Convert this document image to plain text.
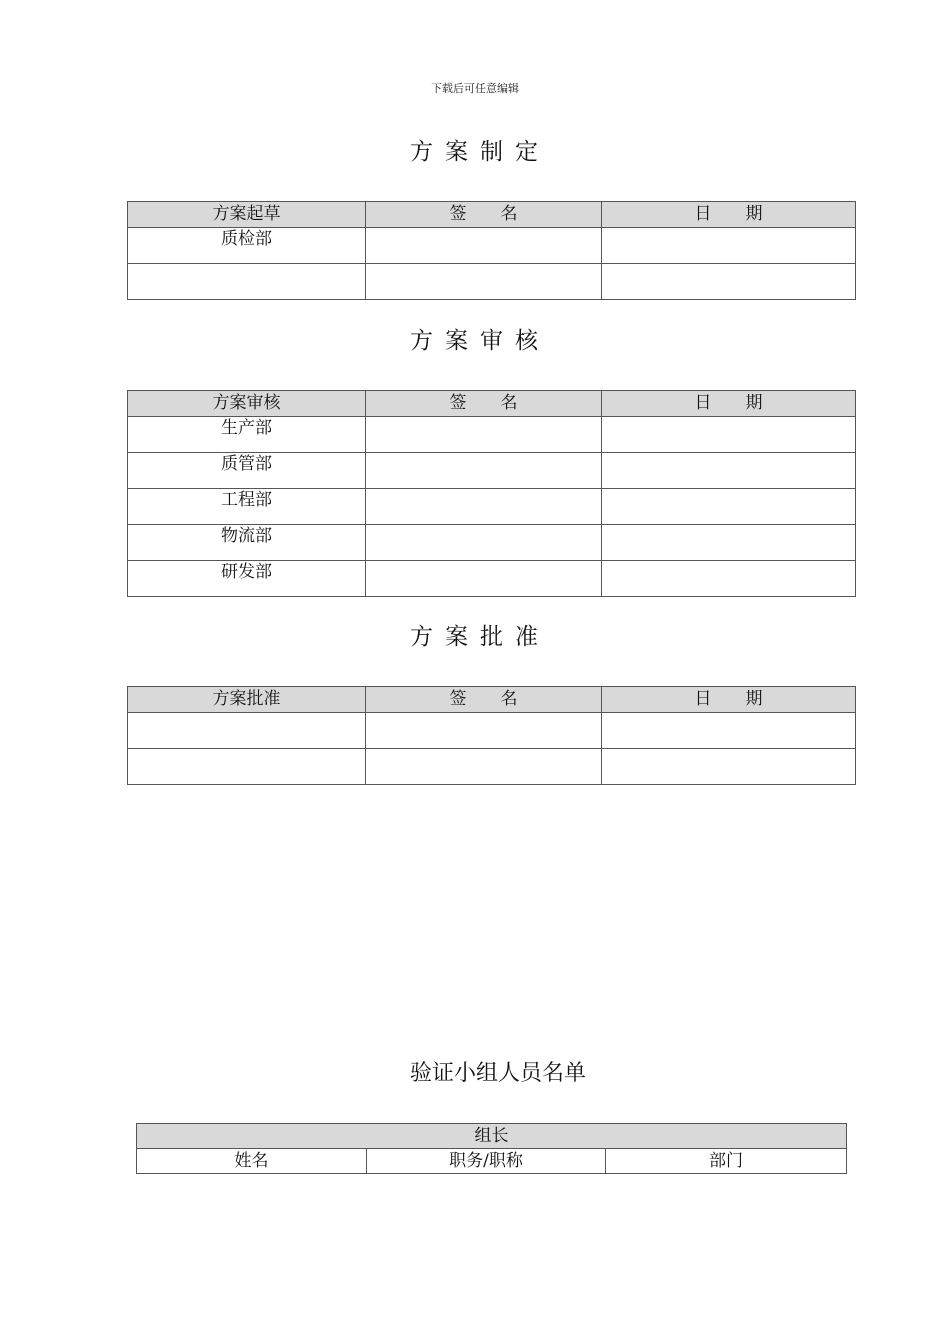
下载后可任意编辑
方案制定
方案起草	签　　名	日　　期
质检部		

方案审核
方案审核	签　　名	日　　期
生产部		
质管部		
工程部		
物流部		
研发部		
方案批准
方案批准	签　　名	日　　期

验证小组人员名单
组长
姓名	职务/职称	部门
